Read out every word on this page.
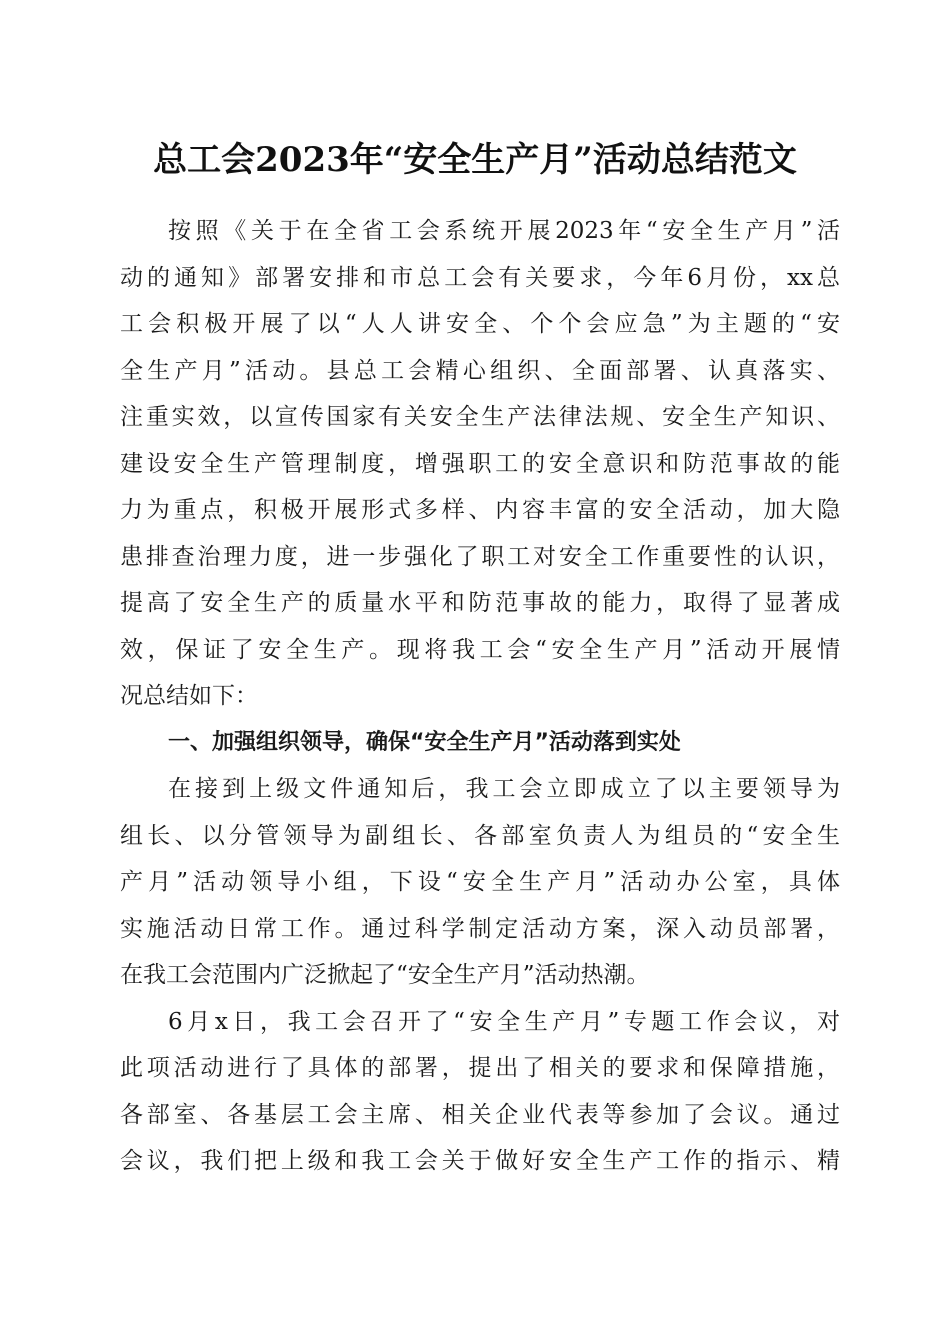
总工会2023年“安全生产月”活动总结范文
按照《关于在全省工会系统开展2023年“安全生产月”活
动的通知》部署安排和市总工会有关要求，今年6月份，xx总
工会积极开展了以“人人讲安全、个个会应急”为主题的“安
全生产月”活动。县总工会精心组织、全面部署、认真落实、
注重实效，以宣传国家有关安全生产法律法规、安全生产知识、
建设安全生产管理制度，增强职工的安全意识和防范事故的能
力为重点，积极开展形式多样、内容丰富的安全活动，加大隐
患排查治理力度，进一步强化了职工对安全工作重要性的认识，
提高了安全生产的质量水平和防范事故的能力，取得了显著成
效，保证了安全生产。现将我工会“安全生产月”活动开展情
况总结如下：
一、加强组织领导，确保“安全生产月”活动落到实处
在接到上级文件通知后，我工会立即成立了以主要领导为
组长、以分管领导为副组长、各部室负责人为组员的“安全生
产月”活动领导小组，下设“安全生产月”活动办公室，具体
实施活动日常工作。通过科学制定活动方案，深入动员部署，
在我工会范围内广泛掀起了“安全生产月”活动热潮。
6月x日，我工会召开了“安全生产月”专题工作会议，对
此项活动进行了具体的部署，提出了相关的要求和保障措施，
各部室、各基层工会主席、相关企业代表等参加了会议。通过
会议，我们把上级和我工会关于做好安全生产工作的指示、精
